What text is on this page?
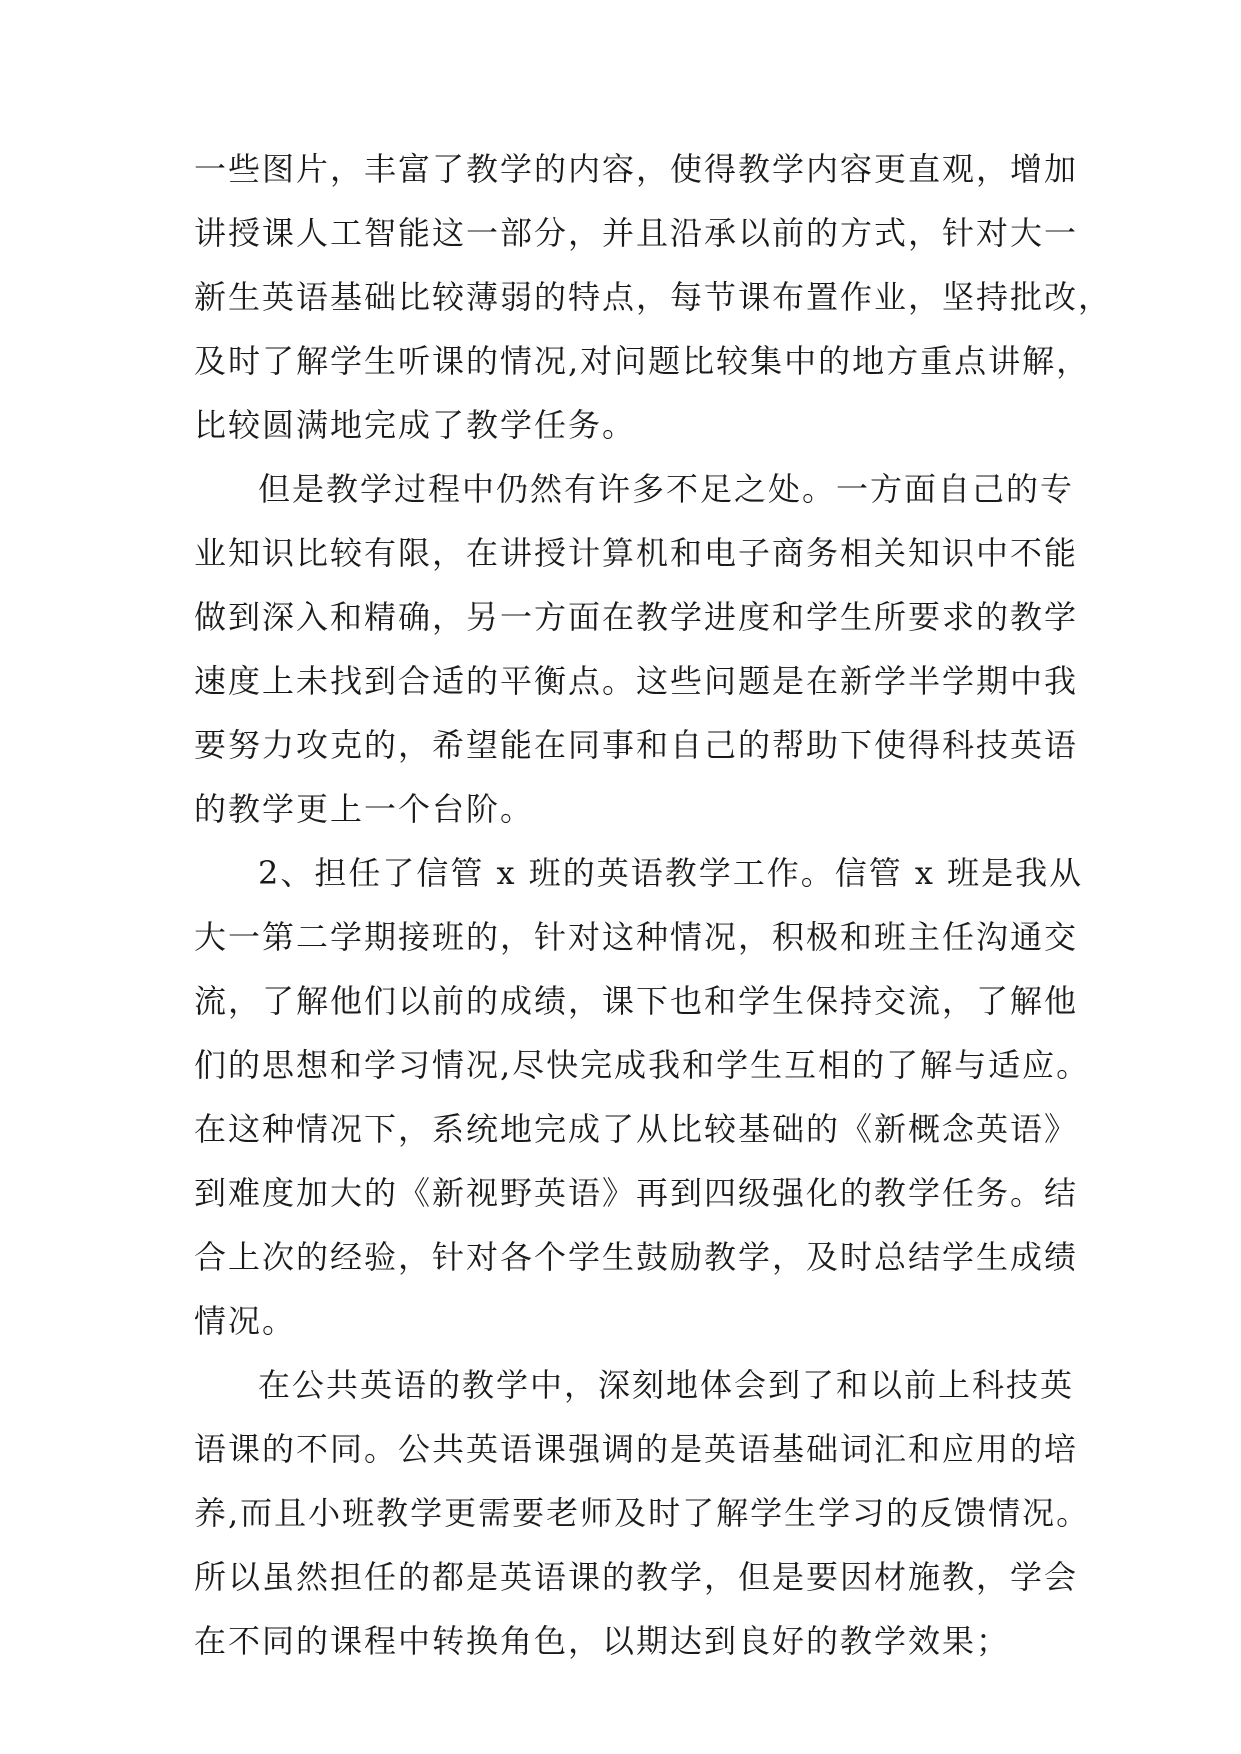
一些图片，丰富了教学的内容，使得教学内容更直观，增加
讲授课人工智能这一部分，并且沿承以前的方式，针对大一
新生英语基础比较薄弱的特点，每节课布置作业，坚持批改，
及时了解学生听课的情况,对问题比较集中的地方重点讲解，
比较圆满地完成了教学任务。
但是教学过程中仍然有许多不足之处。一方面自己的专
业知识比较有限，在讲授计算机和电子商务相关知识中不能
做到深入和精确，另一方面在教学进度和学生所要求的教学
速度上未找到合适的平衡点。这些问题是在新学半学期中我
要努力攻克的，希望能在同事和自己的帮助下使得科技英语
的教学更上一个台阶。
2、担任了信管 x 班的英语教学工作。信管 x 班是我从
大一第二学期接班的，针对这种情况，积极和班主任沟通交
流，了解他们以前的成绩，课下也和学生保持交流，了解他
们的思想和学习情况,尽快完成我和学生互相的了解与适应。
在这种情况下，系统地完成了从比较基础的《新概念英语》
到难度加大的《新视野英语》再到四级强化的教学任务。结
合上次的经验，针对各个学生鼓励教学，及时总结学生成绩
情况。
在公共英语的教学中，深刻地体会到了和以前上科技英
语课的不同。公共英语课强调的是英语基础词汇和应用的培
养,而且小班教学更需要老师及时了解学生学习的反馈情况。
所以虽然担任的都是英语课的教学，但是要因材施教，学会
在不同的课程中转换角色，以期达到良好的教学效果；
